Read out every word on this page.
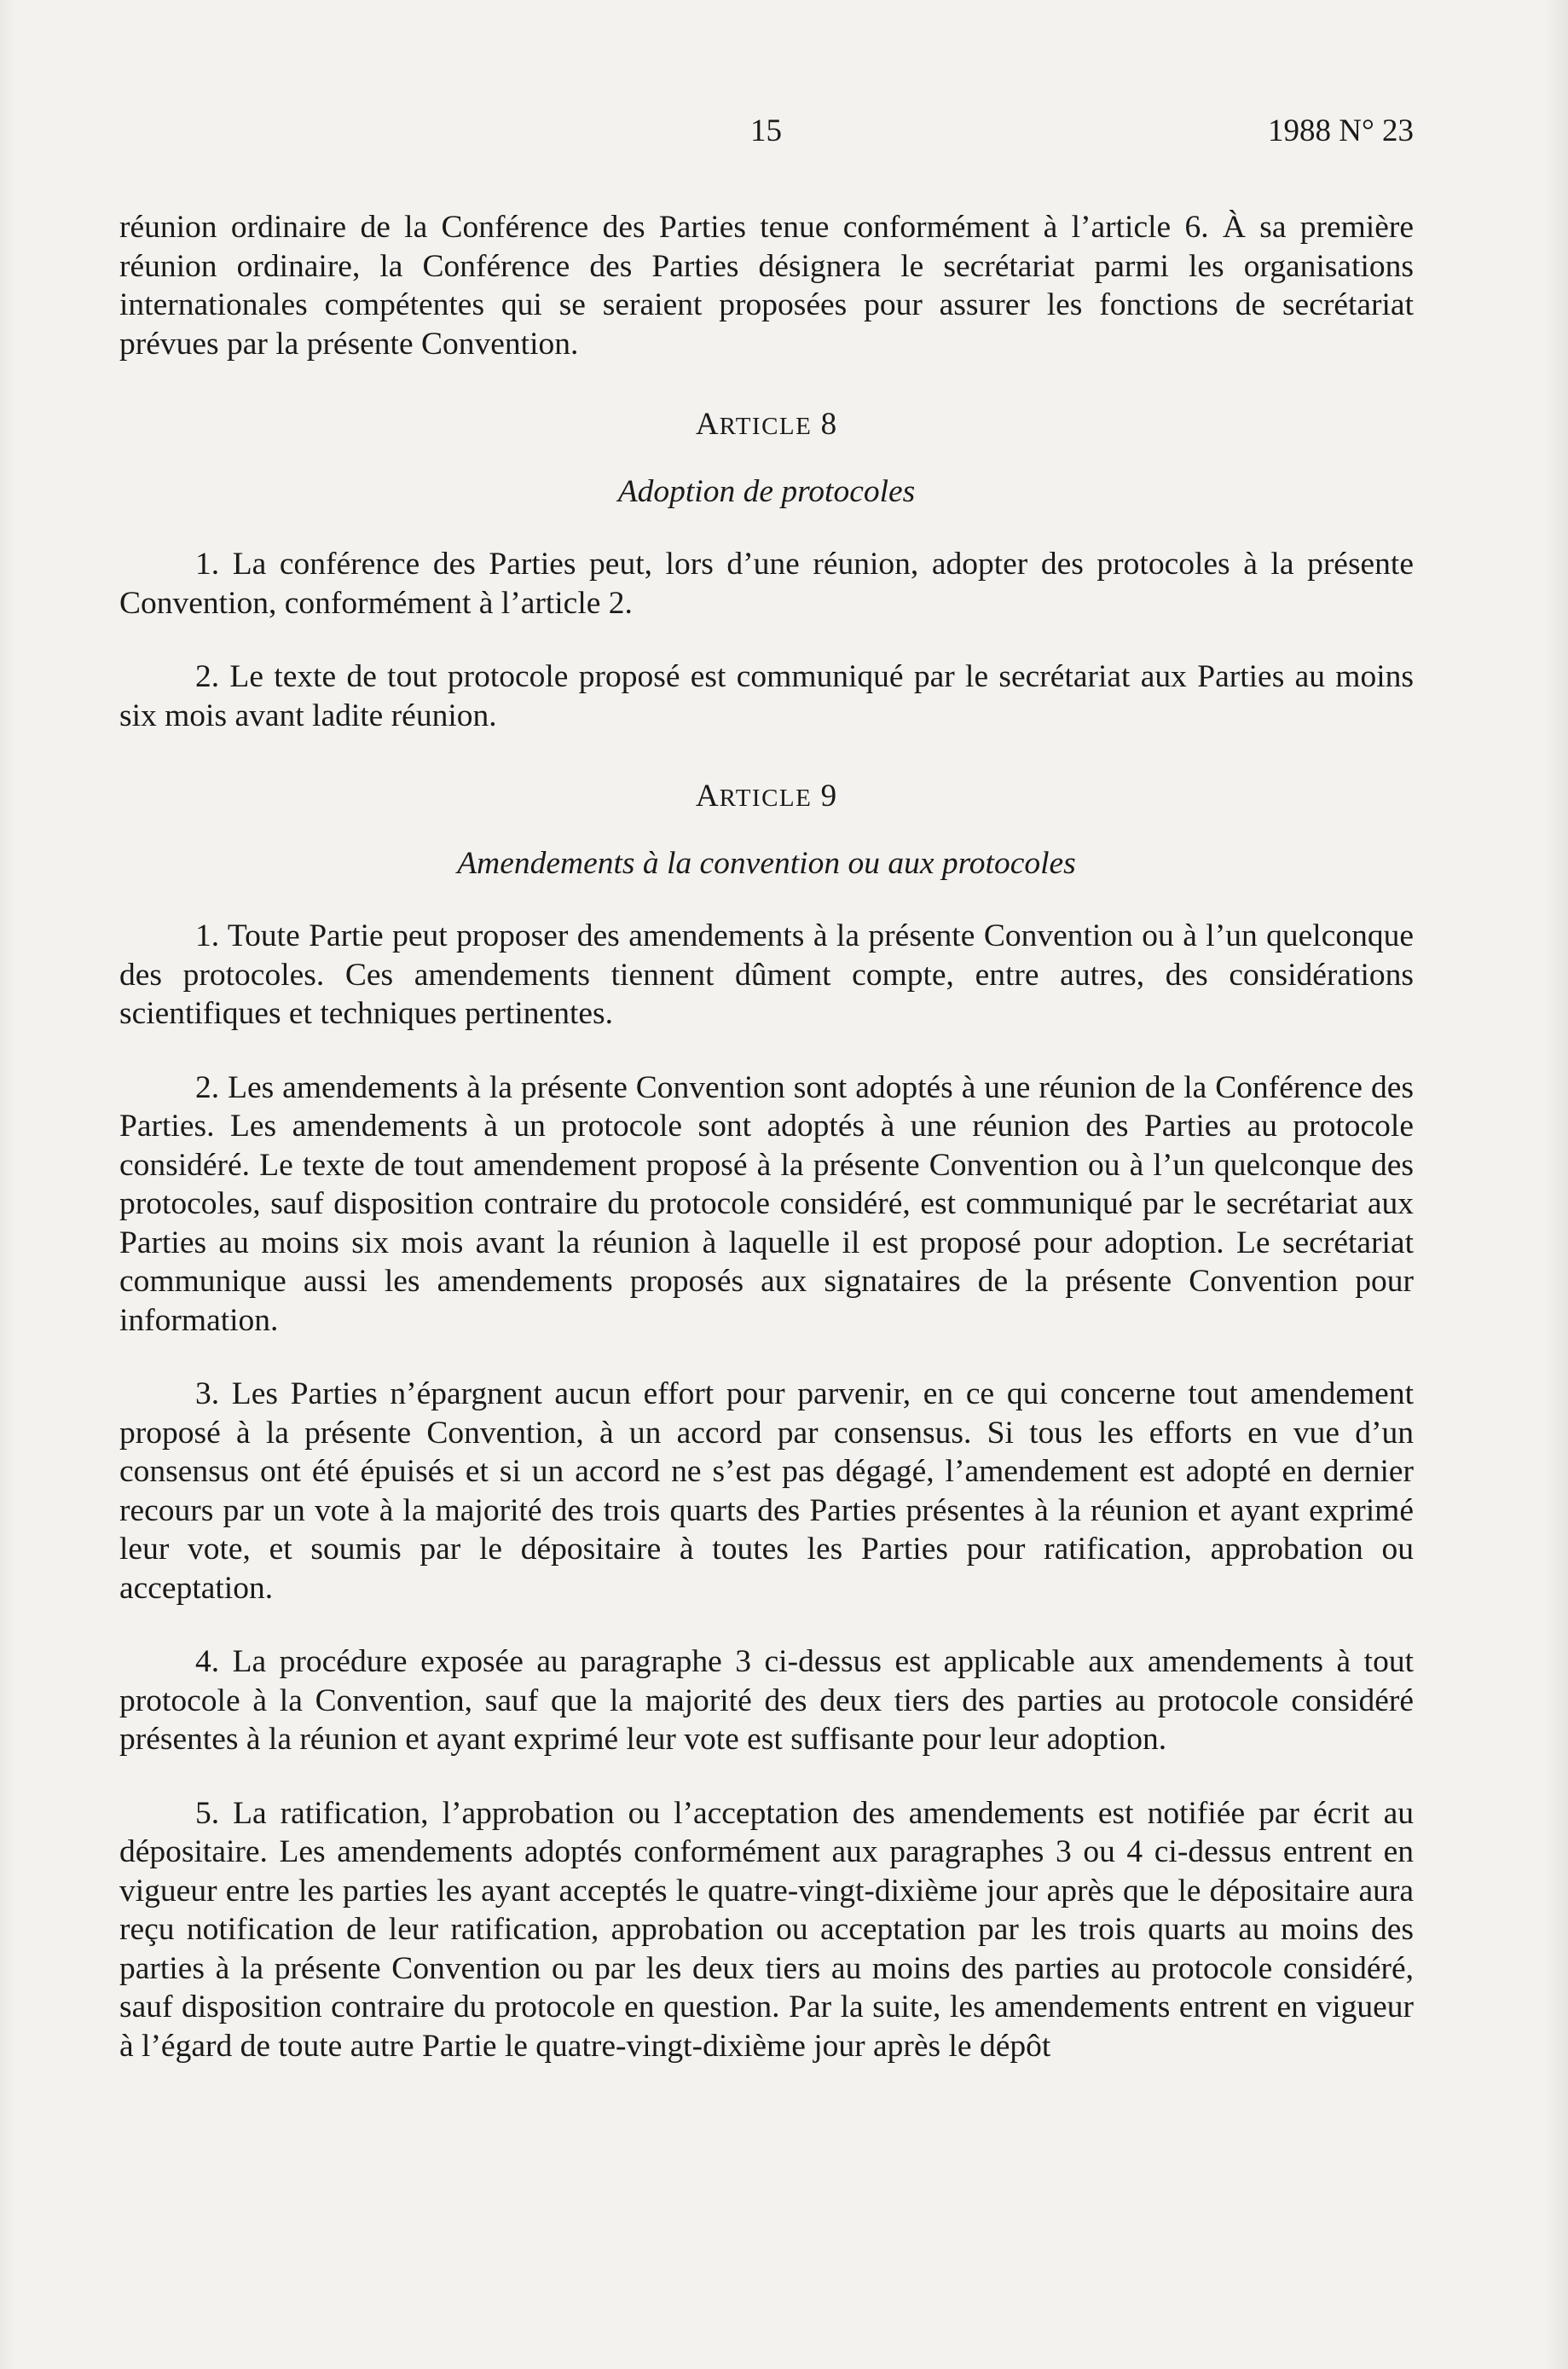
15	1988 N° 23

réunion ordinaire de la Conférence des Parties tenue conformément à l’article 6. À sa première réunion ordinaire, la Conférence des Parties désignera le secrétariat parmi les organisations internationales compétentes qui se seraient proposées pour assurer les fonctions de secrétariat prévues par la présente Convention.

ARTICLE 8

Adoption de protocoles

1. La conférence des Parties peut, lors d’une réunion, adopter des protocoles à la présente Convention, conformément à l’article 2.

2. Le texte de tout protocole proposé est communiqué par le secrétariat aux Parties au moins six mois avant ladite réunion.

ARTICLE 9

Amendements à la convention ou aux protocoles

1. Toute Partie peut proposer des amendements à la présente Convention ou à l’un quelconque des protocoles. Ces amendements tiennent dûment compte, entre autres, des considérations scientifiques et techniques pertinentes.

2. Les amendements à la présente Convention sont adoptés à une réunion de la Conférence des Parties. Les amendements à un protocole sont adoptés à une réunion des Parties au protocole considéré. Le texte de tout amendement proposé à la présente Convention ou à l’un quelconque des protocoles, sauf disposition contraire du protocole considéré, est communiqué par le secrétariat aux Parties au moins six mois avant la réunion à laquelle il est proposé pour adoption. Le secrétariat communique aussi les amendements proposés aux signataires de la présente Convention pour information.

3. Les Parties n’épargnent aucun effort pour parvenir, en ce qui concerne tout amendement proposé à la présente Convention, à un accord par consensus. Si tous les efforts en vue d’un consensus ont été épuisés et si un accord ne s’est pas dégagé, l’amendement est adopté en dernier recours par un vote à la majorité des trois quarts des Parties présentes à la réunion et ayant exprimé leur vote, et soumis par le dépositaire à toutes les Parties pour ratification, approbation ou acceptation.

4. La procédure exposée au paragraphe 3 ci-dessus est applicable aux amendements à tout protocole à la Convention, sauf que la majorité des deux tiers des parties au protocole considéré présentes à la réunion et ayant exprimé leur vote est suffisante pour leur adoption.

5. La ratification, l’approbation ou l’acceptation des amendements est notifiée par écrit au dépositaire. Les amendements adoptés conformément aux paragraphes 3 ou 4 ci-dessus entrent en vigueur entre les parties les ayant acceptés le quatre-vingt-dixième jour après que le dépositaire aura reçu notification de leur ratification, approbation ou acceptation par les trois quarts au moins des parties à la présente Convention ou par les deux tiers au moins des parties au protocole considéré, sauf disposition contraire du protocole en question. Par la suite, les amendements entrent en vigueur à l’égard de toute autre Partie le quatre-vingt-dixième jour après le dépôt
